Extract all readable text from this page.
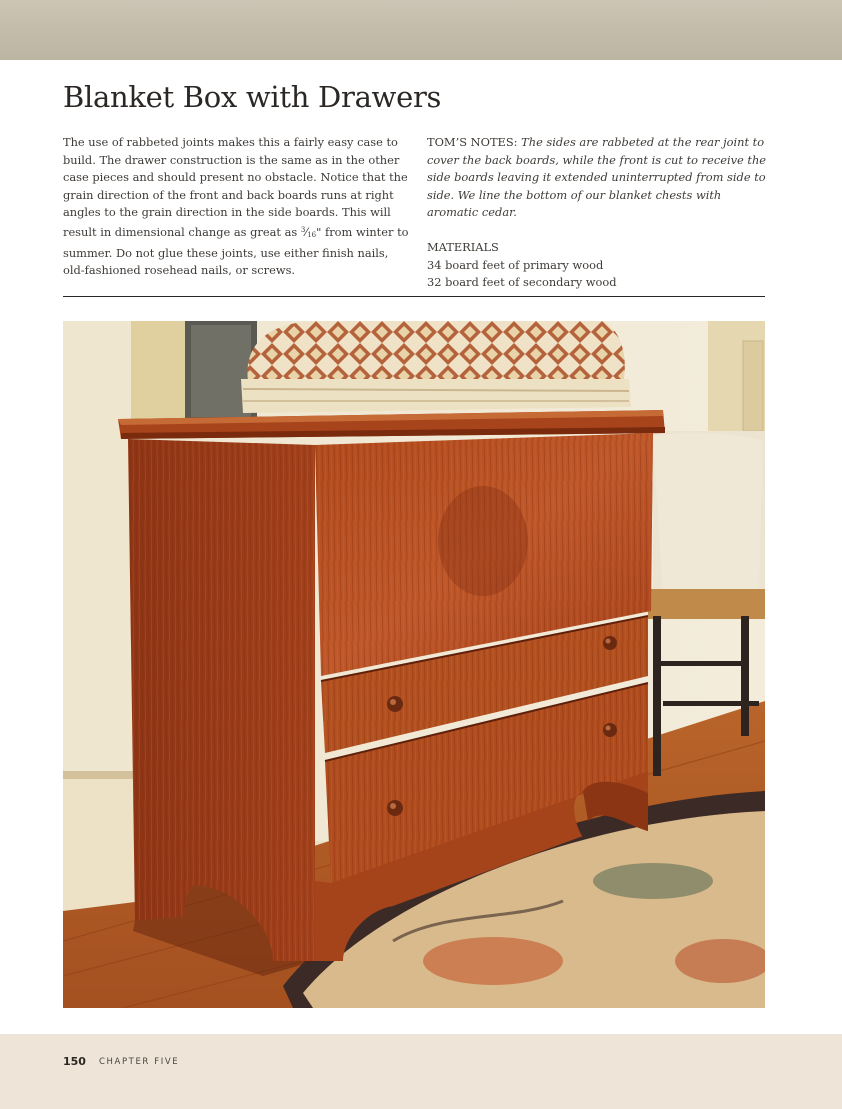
Blanket Box with Drawers

The use of rabbeted joints makes this a fairly easy case to build. The drawer construction is the same as in the other case pieces and should present no obstacle. Notice that the grain direction of the front and back boards runs at right angles to the grain direction in the side boards. This will result in dimensional change as great as $^3$⁄16" from winter to summer. Do not glue these joints, use either finish nails, old-fashioned rosehead nails, or screws.

TOM’S NOTES: The sides are rabbeted at the rear joint to cover the back boards, while the front is cut to receive the side boards leaving it extended uninterrupted from side to side. We line the bottom of our blanket chests with aromatic cedar.

MATERIALS

34 board feet of primary wood

32 board feet of secondary wood

150 CHAPTER FIVE
